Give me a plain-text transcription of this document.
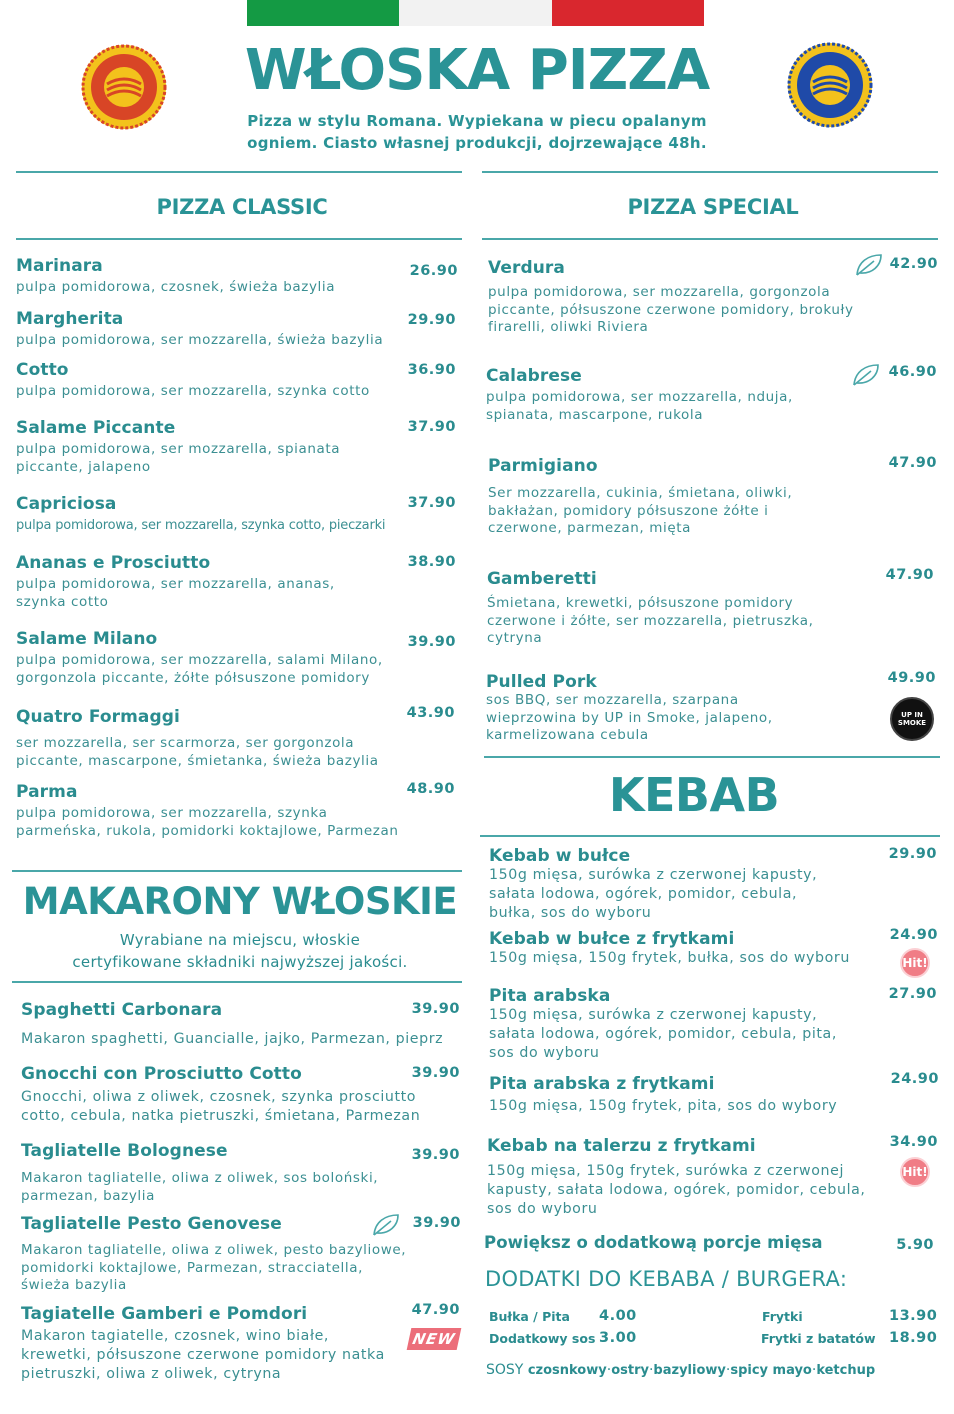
WŁOSKA PIZZA
Pizza w stylu Romana. Wypiekana w piecu opalanym
ogniem. Ciasto własnej produkcji, dojrzewające 48h.
PIZZA CLASSIC
Marinara
pulpa pomidorowa, czosnek, świeża bazylia
26.90
Margherita
pulpa pomidorowa, ser mozzarella, świeża bazylia
29.90
Cotto
pulpa pomidorowa, ser mozzarella, szynka cotto
36.90
Salame Piccante
pulpa pomidorowa, ser mozzarella, spianata piccante, jalapeno
37.90
Capriciosa
pulpa pomidorowa, ser mozzarella, szynka cotto, pieczarki
37.90
Ananas e Prosciutto
pulpa pomidorowa, ser mozzarella, ananas, szynka cotto
38.90
Salame Milano
pulpa pomidorowa, ser mozzarella, salami Milano, gorgonzola piccante, żółte półsuszone pomidory
39.90
Quatro Formaggi
ser mozzarella, ser scarmorza, ser gorgonzola piccante, mascarpone, śmietanka, świeża bazylia
43.90
Parma
pulpa pomidorowa, ser mozzarella, szynka parmeńska, rukola, pomidorki koktajlowe, Parmezan
48.90
MAKARONY WŁOSKIE
Wyrabiane na miejscu, włoskie
certyfikowane składniki najwyższej jakości.
Spaghetti Carbonara
Makaron spaghetti, Guancialle, jajko, Parmezan, pieprz
39.90
Gnocchi con Prosciutto Cotto
Gnocchi, oliwa z oliwek, czosnek, szynka prosciutto cotto, cebula, natka pietruszki, śmietana, Parmezan
39.90
Tagliatelle Bolognese
Makaron tagliatelle, oliwa z oliwek, sos boloński, parmezan, bazylia
39.90
Tagliatelle Pesto Genovese
Makaron tagliatelle, oliwa z oliwek, pesto bazyliowe, pomidorki koktajlowe, Parmezan, stracciatella, świeża bazylia
39.90
Tagiatelle Gamberi e Pomdori
Makaron tagiatelle, czosnek, wino białe, krewetki, półsuszone czerwone pomidory natka pietruszki, oliwa z oliwek, cytryna
47.90
NEW
PIZZA SPECIAL
Verdura
pulpa pomidorowa, ser mozzarella, gorgonzola piccante, półsuszone czerwone pomidory, brokuły firarelli, oliwki Riviera
42.90
Calabrese
pulpa pomidorowa, ser mozzarella, nduja, spianata, mascarpone, rukola
46.90
Parmigiano
Ser mozzarella, cukinia, śmietana, oliwki, bakłażan, pomidory półsuszone żółte i czerwone, parmezan, mięta
47.90
Gamberetti
Śmietana, krewetki, półsuszone pomidory czerwone i żółte, ser mozzarella, pietruszka, cytryna
47.90
Pulled Pork
sos BBQ, ser mozzarella, szarpana wieprzowina by UP in Smoke, jalapeno, karmelizowana cebula
49.90
UP IN SMOKE
KEBAB
Kebab w bułce
150g mięsa, surówka z czerwonej kapusty, sałata lodowa, ogórek, pomidor, cebula, bułka, sos do wyboru
29.90
Kebab w bułce z frytkami
150g mięsa, 150g frytek, bułka, sos do wyboru
24.90
Hit!
Pita arabska
150g mięsa, surówka z czerwonej kapusty, sałata lodowa, ogórek, pomidor, cebula, pita, sos do wyboru
27.90
Pita arabska z frytkami
150g mięsa, 150g frytek, pita, sos do wybory
24.90
Kebab na talerzu z frytkami
150g mięsa, 150g frytek, surówka z czerwonej kapusty, sałata lodowa, ogórek, pomidor, cebula, sos do wyboru
34.90
Hit!
Powiększ o dodatkową porcje mięsa	5.90
DODATKI DO KEBABA / BURGERA:
Bułka / Pita 4.00
Dodatkowy sos 3.00
Frytki	13.90
Frytki z batatów 18.90
SOSY czosnkowy·ostry·bazyliowy·spicy mayo·ketchup
